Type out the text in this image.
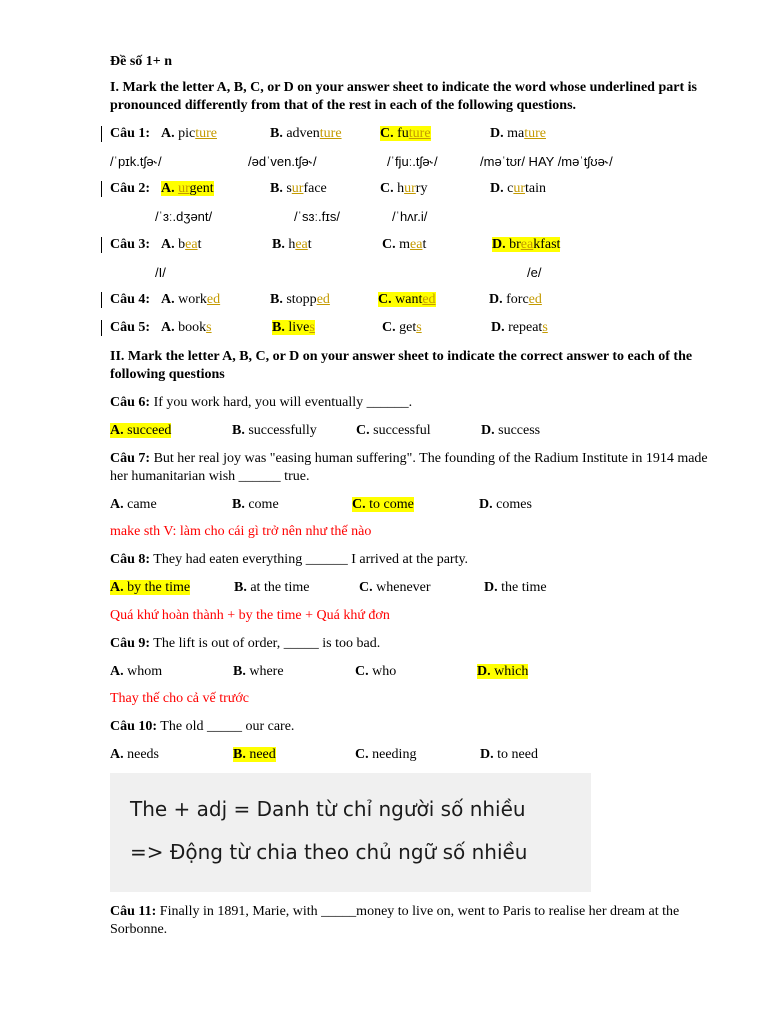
Đề số 1+ n
I. Mark the letter A, B, C, or D on your answer sheet to indicate the word whose underlined part is pronounced differently from that of the rest in each of the following questions.
Câu 1: A. picture	B. adventure	C. future	D. mature
/ˈpɪk.tʃə˞/	/ədˈven.tʃə˞/	/ˈfjuː.tʃə˞/	/məˈtʊr/ HAY /məˈtʃʊə˞/
Câu 2: A. urgent	B. surface	C. hurry	D. curtain
/ˈɜː.dʒənt/	/ˈsɜː.fɪs/	/ˈhʌr.i/
Câu 3: A. beat	B. heat	C. meat	D. breakfast
/I/	/e/
Câu 4: A. worked	B. stopped	C. wanted	D. forced
Câu 5: A. books	B. lives	C. gets	D. repeats
II. Mark the letter A, B, C, or D on your answer sheet to indicate the correct answer to each of the following questions
Câu 6: If you work hard, you will eventually ______.
A. succeed	B. successfully	C. successful	D. success
Câu 7: But her real joy was "easing human suffering". The founding of the Radium Institute in 1914 made her humanitarian wish ______ true.
A. came	B. come	C. to come	D. comes
make sth V: làm cho cái gì trở nên như thế nào
Câu 8: They had eaten everything ______ I arrived at the party.
A. by the time	B. at the time	C. whenever	D. the time
Quá khứ hoàn thành + by the time + Quá khứ đơn
Câu 9: The lift is out of order, _____ is too bad.
A. whom	B. where	C. who	D. which
Thay thế cho cả vế trước
Câu 10: The old _____ our care.
A. needs	B. need	C. needing	D. to need
The + adj = Danh từ chỉ người số nhiều
=> Động từ chia theo chủ ngữ số nhiều
Câu 11: Finally in 1891, Marie, with _____money to live on, went to Paris to realise her dream at the Sorbonne.
